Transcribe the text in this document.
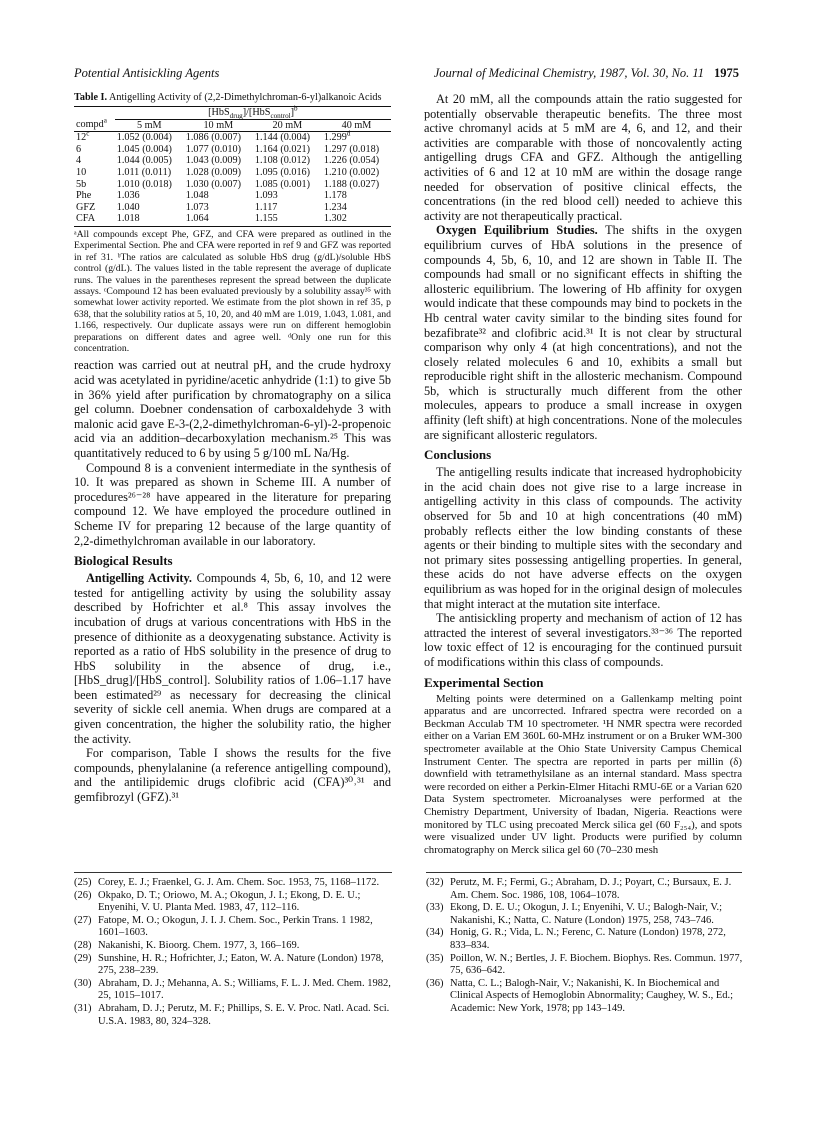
Potential Antisickling Agents	Journal of Medicinal Chemistry, 1987, Vol. 30, No. 11 1975
Table I. Antigelling Activity of (2,2-Dimethylchroman-6-yl)alkanoic Acids
	$[HbS_{drug}]/[HbS_{control}]^b$
compd$^a$	5 mM	10 mM	20 mM	40 mM
12$^c$	1.052 (0.004)	1.086 (0.007)	1.144 (0.004)	1.299$^d$
6	1.045 (0.004)	1.077 (0.010)	1.164 (0.021)	1.297 (0.018)
4	1.044 (0.005)	1.043 (0.009)	1.108 (0.012)	1.226 (0.054)
10	1.011 (0.011)	1.028 (0.009)	1.095 (0.016)	1.210 (0.002)
5b	1.010 (0.018)	1.030 (0.007)	1.085 (0.001)	1.188 (0.027)
Phe	1.036	1.048	1.093	1.178
GFZ	1.040	1.073	1.117	1.234
CFA	1.018	1.064	1.155	1.302
ᵃAll compounds except Phe, GFZ, and CFA were prepared as outlined in the Experimental Section. Phe and CFA were reported in ref 9 and GFZ was reported in ref 31. ᵇThe ratios are calculated as soluble HbS drug (g/dL)/soluble HbS control (g/dL). The values listed in the table represent the average of duplicate runs. The values in the parentheses represent the spread between the duplicate assays. ᶜCompound 12 has been evaluated previously by a solubility assay³⁵ with somewhat lower activity reported. We estimate from the plot shown in ref 35, p 638, that the solubility ratios at 5, 10, 20, and 40 mM are 1.019, 1.043, 1.081, and 1.166, respectively. Our duplicate assays were run on different hemoglobin preparations on different dates and agree well. ᵈOnly one run for this concentration.

reaction was carried out at neutral pH, and the crude hydroxy acid was acetylated in pyridine/acetic anhydride (1:1) to give 5b in 36% yield after purification by chromatography on a silica gel column. Doebner condensation of carboxaldehyde 3 with malonic acid gave E-3-(2,2-dimethylchroman-6-yl)-2-propenoic acid via an addition–decarboxylation mechanism.²⁵ This was quantitatively reduced to 6 by using 5 g/100 mL Na/Hg.

Compound 8 is a convenient intermediate in the synthesis of 10. It was prepared as shown in Scheme III. A number of procedures²⁶⁻²⁸ have appeared in the literature for preparing compound 12. We have employed the procedure outlined in Scheme IV for preparing 12 because of the large quantity of 2,2-dimethylchroman available in our laboratory.

Biological Results

Antigelling Activity. Compounds 4, 5b, 6, 10, and 12 were tested for antigelling activity by using the solubility assay described by Hofrichter et al.⁸ This assay involves the incubation of drugs at various concentrations with HbS in the presence of dithionite as a deoxygenating substance. Activity is reported as a ratio of HbS solubility in the presence of drug to HbS solubility in the absence of drug, i.e., [HbS_drug]/[HbS_control]. Solubility ratios of 1.06–1.17 have been estimated²⁹ as necessary for decreasing the clinical severity of sickle cell anemia. When drugs are compared at a given concentration, the higher the solubility ratio, the higher the activity.

For comparison, Table I shows the results for the five compounds, phenylalanine (a reference antigelling compound), and the antilipidemic drugs clofibric acid (CFA)³⁰˒³¹ and gemfibrozyl (GFZ).³¹

At 20 mM, all the compounds attain the ratio suggested for potentially observable therapeutic benefits. The three most active chromanyl acids at 5 mM are 4, 6, and 12, and their activities are comparable with those of noncovalently acting antigelling drugs CFA and GFZ. Although the antigelling activities of 6 and 12 at 10 mM are within the dosage range needed for observation of positive clinical effects, the concentrations (in the red blood cell) needed to achieve this activity are not therapeutically practical.

Oxygen Equilibrium Studies. The shifts in the oxygen equilibrium curves of HbA solutions in the presence of compounds 4, 5b, 6, 10, and 12 are shown in Table II. The compounds had small or no significant effects in shifting the allosteric equilibrium. The lowering of Hb affinity for oxygen would indicate that these compounds may bind to pockets in the Hb central water cavity similar to the binding sites found for bezafibrate³² and clofibric acid.³¹ It is not clear by structural comparison why only 4 (at high concentrations), and not the closely related molecules 6 and 10, exhibits a small but reproducible right shift in the allosteric mechanism. Compound 5b, which is structurally much different from the other molecules, appears to produce a small increase in oxygen affinity (left shift) at high concentrations. None of the molecules are significant allosteric regulators.

Conclusions

The antigelling results indicate that increased hydrophobicity in the acid chain does not give rise to a large increase in antigelling activity in this class of compounds. The activity observed for 5b and 10 at high concentrations (40 mM) probably reflects either the low binding constants of these agents or their binding to multiple sites with the secondary and not primary sites possessing antigelling properties. In general, these acids do not have adverse effects on the oxygen equilibrium as was hoped for in the original design of molecules that might interact at the mutation site interface.

The antisickling property and mechanism of action of 12 has attracted the interest of several investigators.³³⁻³⁶ The reported low toxic effect of 12 is encouraging for the continued pursuit of modifications within this class of compounds.

Experimental Section

Melting points were determined on a Gallenkamp melting point apparatus and are uncorrected. Infrared spectra were recorded on a Beckman Acculab TM 10 spectrometer. ¹H NMR spectra were recorded either on a Varian EM 360L 60-MHz instrument or on a Bruker WM-300 spectrometer available at the Ohio State University Campus Chemical Instrument Center. The spectra are reported in parts per millin (δ) downfield with tetramethylsilane as an internal standard. Mass spectra were recorded on either a Perkin-Elmer Hitachi RMU-6E or a Varian 620 Data System spectrometer. Microanalyses were performed at the Chemistry Department, University of Ibadan, Nigeria. Reactions were monitored by TLC using precoated Merck silica gel (60 F₂₅₄), and spots were visualized under UV light. Products were purified by column chromatography on Merck silica gel 60 (70–230 mesh

(25) Corey, E. J.; Fraenkel, G. J. Am. Chem. Soc. 1953, 75, 1168–1172.
(26) Okpako, D. T.; Oriowo, M. A.; Okogun, J. I.; Ekong, D. E. U.; Enyenihi, V. U. Planta Med. 1983, 47, 112–116.
(27) Fatope, M. O.; Okogun, J. I. J. Chem. Soc., Perkin Trans. 1 1982, 1601–1603.
(28) Nakanishi, K. Bioorg. Chem. 1977, 3, 166–169.
(29) Sunshine, H. R.; Hofrichter, J.; Eaton, W. A. Nature (London) 1978, 275, 238–239.
(30) Abraham, D. J.; Mehanna, A. S.; Williams, F. L. J. Med. Chem. 1982, 25, 1015–1017.
(31) Abraham, D. J.; Perutz, M. F.; Phillips, S. E. V. Proc. Natl. Acad. Sci. U.S.A. 1983, 80, 324–328.
(32) Perutz, M. F.; Fermi, G.; Abraham, D. J.; Poyart, C.; Bursaux, E. J. Am. Chem. Soc. 1986, 108, 1064–1078.
(33) Ekong, D. E. U.; Okogun, J. I.; Enyenihi, V. U.; Balogh-Nair, V.; Nakanishi, K.; Natta, C. Nature (London) 1975, 258, 743–746.
(34) Honig, G. R.; Vida, L. N.; Ferenc, C. Nature (London) 1978, 272, 833–834.
(35) Poillon, W. N.; Bertles, J. F. Biochem. Biophys. Res. Commun. 1977, 75, 636–642.
(36) Natta, C. L.; Balogh-Nair, V.; Nakanishi, K. In Biochemical and Clinical Aspects of Hemoglobin Abnormality; Caughey, W. S., Ed.; Academic: New York, 1978; pp 143–149.
